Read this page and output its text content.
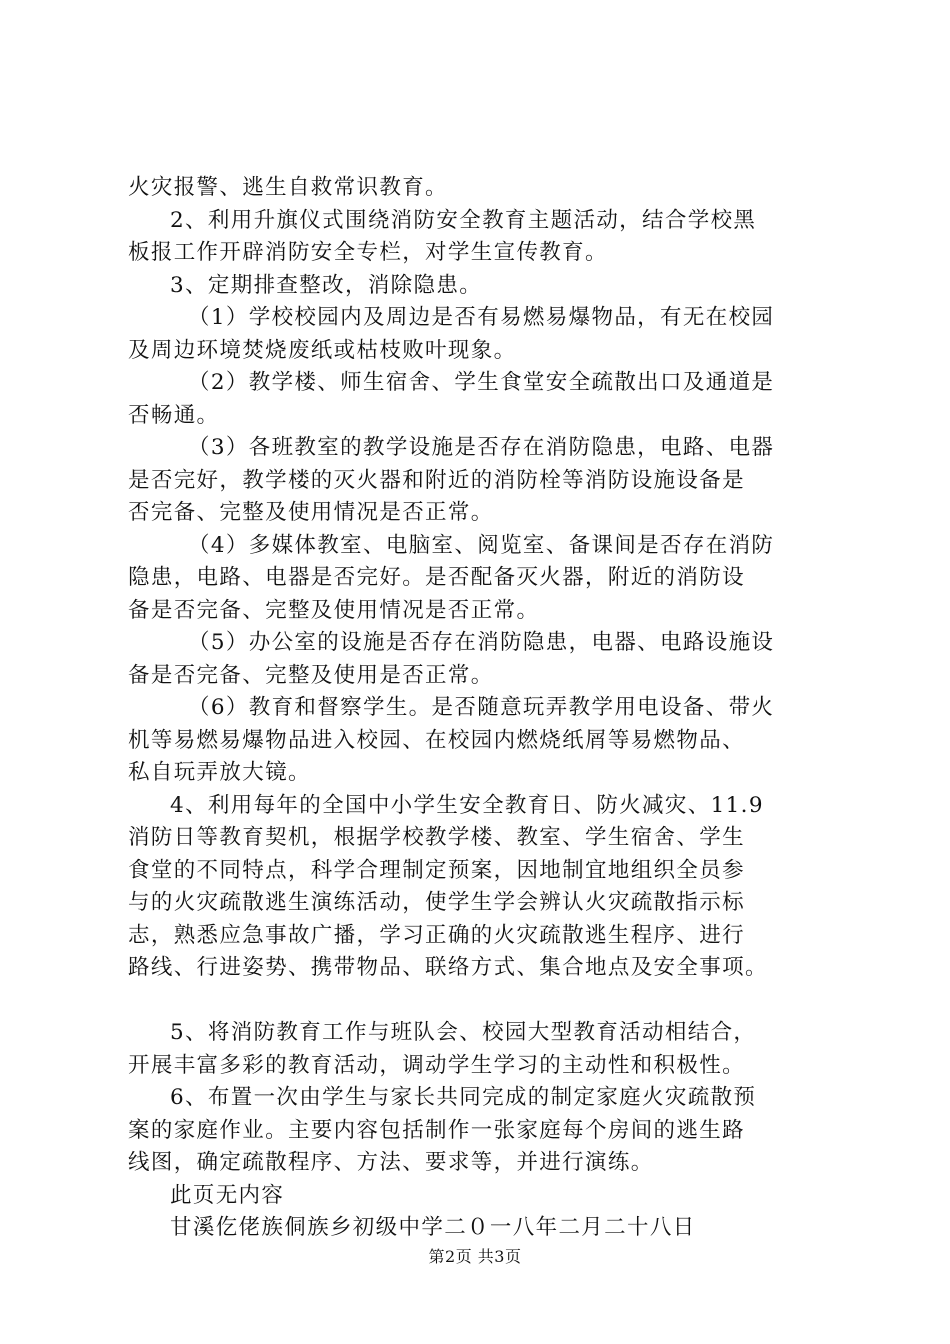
火灾报警、逃生自救常识教育。

2、利用升旗仪式围绕消防安全教育主题活动，结合学校黑

板报工作开辟消防安全专栏，对学生宣传教育。

3、定期排查整改，消除隐患。

（1）学校校园内及周边是否有易燃易爆物品，有无在校园

及周边环境焚烧废纸或枯枝败叶现象。

（2）教学楼、师生宿舍、学生食堂安全疏散出口及通道是

否畅通。

（3）各班教室的教学设施是否存在消防隐患，电路、电器

是否完好，教学楼的灭火器和附近的消防栓等消防设施设备是

否完备、完整及使用情况是否正常。

（4）多媒体教室、电脑室、阅览室、备课间是否存在消防

隐患，电路、电器是否完好。是否配备灭火器，附近的消防设

备是否完备、完整及使用情况是否正常。

（5）办公室的设施是否存在消防隐患，电器、电路设施设

备是否完备、完整及使用是否正常。

（6）教育和督察学生。是否随意玩弄教学用电设备、带火

机等易燃易爆物品进入校园、在校园内燃烧纸屑等易燃物品、

私自玩弄放大镜。

4、利用每年的全国中小学生安全教育日、防火减灾、11.9

消防日等教育契机，根据学校教学楼、教室、学生宿舍、学生

食堂的不同特点，科学合理制定预案，因地制宜地组织全员参

与的火灾疏散逃生演练活动，使学生学会辨认火灾疏散指示标

志，熟悉应急事故广播，学习正确的火灾疏散逃生程序、进行

路线、行进姿势、携带物品、联络方式、集合地点及安全事项。

5、将消防教育工作与班队会、校园大型教育活动相结合，

开展丰富多彩的教育活动，调动学生学习的主动性和积极性。

6、布置一次由学生与家长共同完成的制定家庭火灾疏散预

案的家庭作业。主要内容包括制作一张家庭每个房间的逃生路

线图，确定疏散程序、方法、要求等，并进行演练。

此页无内容

甘溪仡佬族侗族乡初级中学二０一八年二月二十八日

第2页 共3页
